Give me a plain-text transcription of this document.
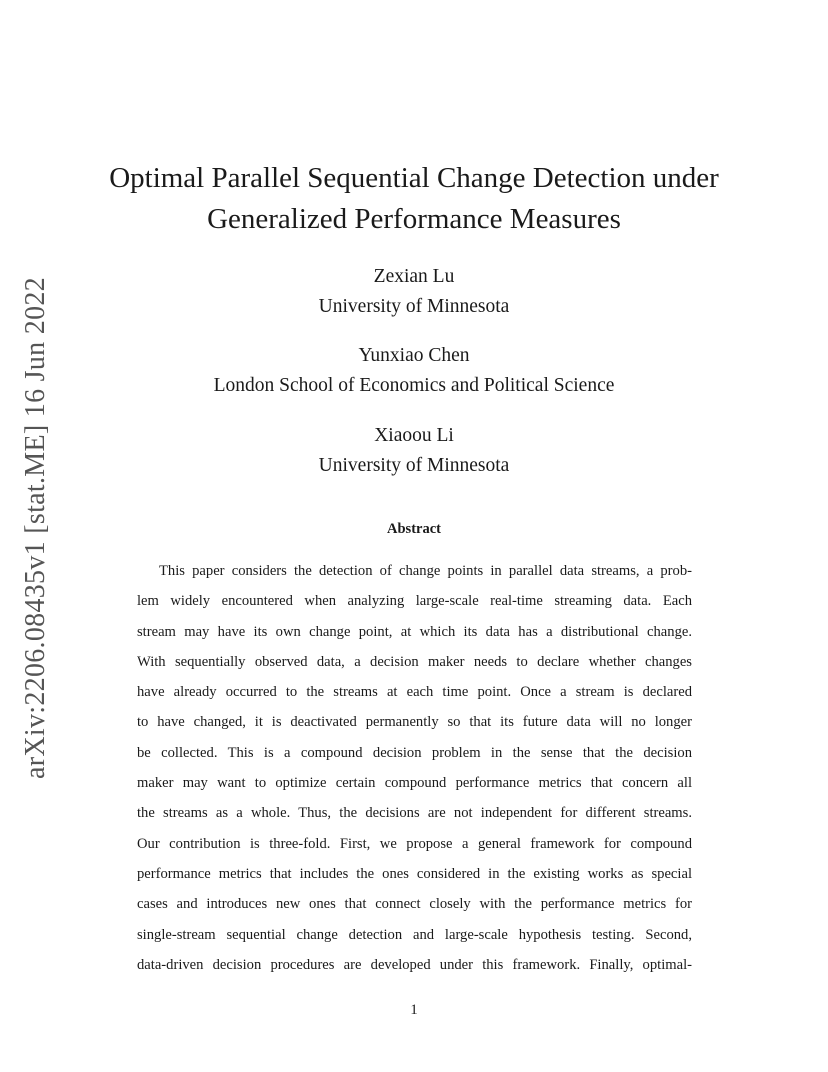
arXiv:2206.08435v1 [stat.ME] 16 Jun 2022
Optimal Parallel Sequential Change Detection under
Generalized Performance Measures
Zexian Lu
University of Minnesota
Yunxiao Chen
London School of Economics and Political Science
Xiaoou Li
University of Minnesota
Abstract
This paper considers the detection of change points in parallel data streams, a prob-
lem widely encountered when analyzing large-scale real-time streaming data. Each
stream may have its own change point, at which its data has a distributional change.
With sequentially observed data, a decision maker needs to declare whether changes
have already occurred to the streams at each time point. Once a stream is declared
to have changed, it is deactivated permanently so that its future data will no longer
be collected. This is a compound decision problem in the sense that the decision
maker may want to optimize certain compound performance metrics that concern all
the streams as a whole. Thus, the decisions are not independent for different streams.
Our contribution is three-fold. First, we propose a general framework for compound
performance metrics that includes the ones considered in the existing works as special
cases and introduces new ones that connect closely with the performance metrics for
single-stream sequential change detection and large-scale hypothesis testing. Second,
data-driven decision procedures are developed under this framework. Finally, optimal-
1
